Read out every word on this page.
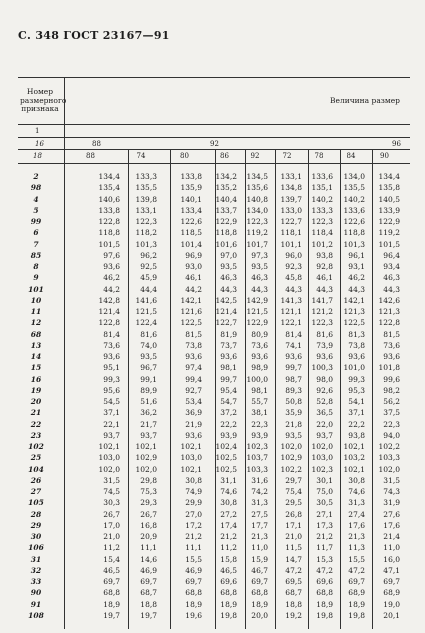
С. 348 ГОСТ 23167—91
Номер размерного признака
Величина размер
1
16	88	92	96
18	88	74	80	86	92	72	78	84	90
2	134,4	133,3	133,8 134,2 134,5	133,1	133,6	134,0	134,4
98	135,4	135,5	135,9 135,2 135,6	134,8	135,1	135,5	135,8
4	140,6	139,8	140,1 140,4 140,8	139,7	140,2	140,2	140,5
5	133,8	133,1	133,4 133,7 134,0	133,0	133,3	133,6	133,9
99	122,8	122,3	122,6 122,9 122,3	122,7	122,3	122,6	122,9
6	118,8	118,2	118,5 118,8 119,2	118,1	118,4	118,8	119,2
7	101,5	101,3	101,4 101,6 101,7	101,1	101,2	101,3	101,5
85	97,6	96,2	96,9	97,0	97,3	96,0	93,8	96,1	96,4
8	93,6	92,5	93,0	93,5	93,5	92,3	92,8	93,1	93,4
9	46,2	45,9	46,1	46,3	46,3	45,8	46,1	46,2	46,3
101	44,2	44,4	44,2	44,3	44,3	44,3	44,3	44,3	44,3
10	142,8	141,6	142,1 142,5 142,9	141,3	141,7	142,1	142,6
11	121,4	121,5	121,6 121,4 121,5	121,1	121,2	121,3	121,3
12	122,8	122,4	122,5 122,7 122,9	122,1	122,3	122,5	122,8
68	81,4	81,6	81,5	81,9	80,9	81,4	81,6	81,3	81,5
13	73,6	74,0	73,8	73,7	73,6	74,1	73,9	73,8	73,6
14	93,6	93,5	93,6	93,6	93,6	93,6	93,6	93,6	93,6
15	95,1	96,7	97,4	98,1	98,9	99,7	100,3	101,0	101,8
16	99,3	99,1	99,4	99,7 100,0	98,7	98,0	99,3	99,6
19	95,6	89,9	92,7	95,4	98,1	89,3	92,6	95,3	98,2
20	54,5	51,6	53,4	54,7	55,7	50,8	52,8	54,1	56,2
21	37,1	36,2	36,9	37,2	38,1	35,9	36,5	37,1	37,5
22	22,1	21,7	21,9	22,2	22,3	21,8	22,0	22,2	22,3
23	93,7	93,7	93,6	93,9	93,9	93,5	93,7	93,8	94,0
102	102,1	102,1	102,1 102,4 102,3	102,0	102,0	102,1	102,2
25	103,0	102,9	103,0 102,5 103,7	102,9	103,0	103,2	103,3
104	102,0	102,0	102,1 102,5 103,3	102,2	102,3	102,1	102,0
26	31,5	29,8	30,8	31,1	31,6	29,7	30,1	30,8	31,5
27	74,5	75,3	74,9	74,6	74,2	75,4	75,0	74,6	74,3
105	30,3	29,3	29,9	30,8	31,3	29,5	30,5	31,3	31,9
28	26,7	26,7	27,0	27,2	27,5	26,8	27,1	27,4	27,6
29	17,0	16,8	17,2	17,4	17,7	17,1	17,3	17,6	17,6
30	21,0	20,9	21,2	21,2	21,3	21,0	21,2	21,3	21,4
106	11,2	11,1	11,1	11,2	11,0	11,5	11,7	11,3	11,0
31	15,4	14,6	15,5	15,8	15,9	14,7	15,3	15,5	16,0
32	46,5	46,9	46,9	46,5	46,7	47,2	47,2	47,2	47,1
33	69,7	69,7	69,7	69,6	69,7	69,5	69,6	69,7	69,7
90	68,8	68,7	68,8	68,8	68,8	68,7	68,8	68,9	68,9
91	18,9	18,8	18,9	18,9	18,9	18,8	18,9	18,9	19,0
108	19,7	19,7	19,6	19,8	20,0	19,2	19,8	19,8	20,1
